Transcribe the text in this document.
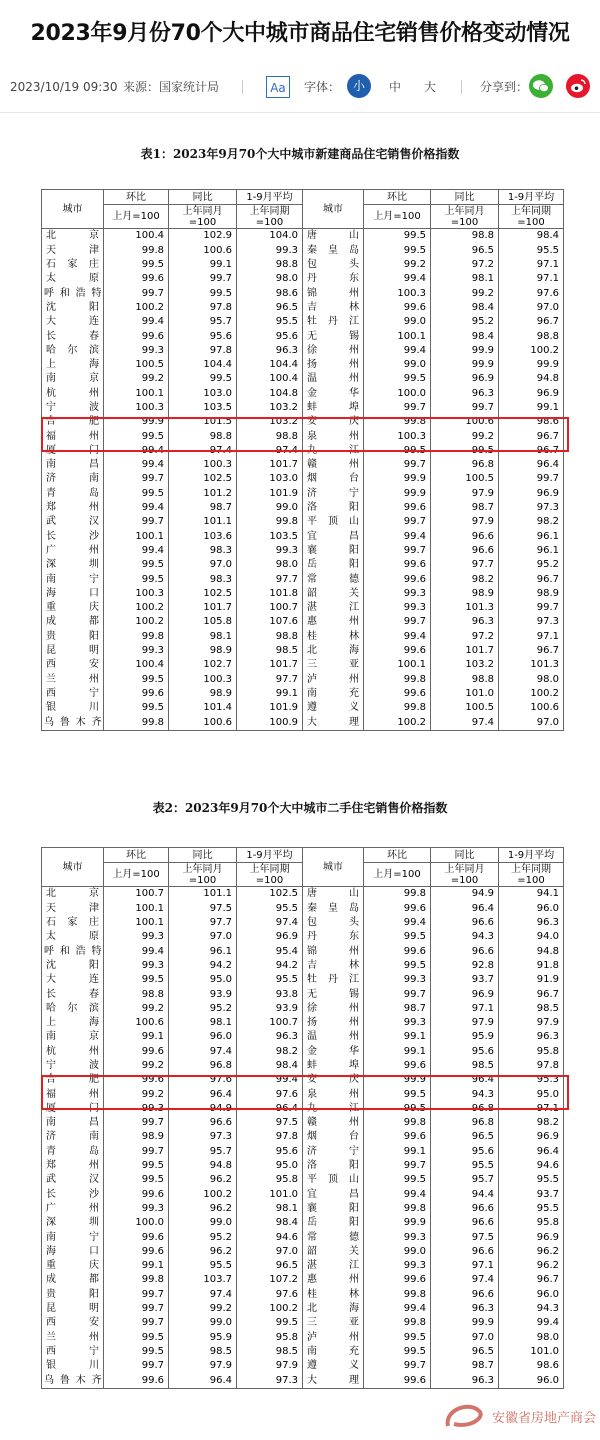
2023年9月份70个大中城市商品住宅销售价格变动情况
2023/10/19 09:30 来源：国家统计局	Aa	字体：	小	中 大	分享到：
表1：2023年9月70个大中城市新建商品住宅销售价格指数
城市	环比	同比	1-9月平均	城市	环比	同比	1-9月平均
	上月=100	上年同月=100	上年同期=100		上月=100	上年同月=100	上年同期=100
北　京	100.4	102.9	104.0	唐　山	99.5	98.8	98.4
天　津	99.8	100.6	99.3	秦皇岛	99.5	96.5	95.5
石家庄	99.5	99.1	98.8	包　头	99.2	97.2	97.1
太　原	99.6	99.7	98.0	丹　东	99.4	98.1	97.1
呼和浩特	99.7	99.5	98.6	锦　州	100.3	99.2	97.6
沈　阳	100.2	97.8	96.5	吉　林	99.6	98.4	97.0
大　连	99.4	95.7	95.5	牡丹江	99.0	95.2	96.7
长　春	99.6	95.6	95.6	无　锡	100.1	98.4	98.8
哈尔滨	99.3	97.8	96.3	徐　州	99.4	99.9	100.2
上　海	100.5	104.4	104.4	扬　州	99.0	99.9	99.9
南　京	99.2	99.5	100.4	温　州	99.5	96.9	94.8
杭　州	100.1	103.0	104.8	金　华	100.0	96.3	96.9
宁　波	100.3	103.5	103.2	蚌　埠	99.7	99.7	99.1
合　肥	99.9	101.5	103.2	安　庆	99.8	100.6	98.6
福　州	99.5	98.8	98.8	泉　州	100.3	99.2	96.7
厦　门	99.4	97.4	97.4	九　江	99.5	99.5	96.7
南　昌	99.4	100.3	101.7	赣　州	99.7	96.8	96.4
济　南	99.7	102.5	103.0	烟　台	99.9	100.5	99.7
青　岛	99.5	101.2	101.9	济　宁	99.9	97.9	96.9
郑　州	99.4	98.7	99.0	洛　阳	99.6	98.7	97.3
武　汉	99.7	101.1	99.8	平顶山	99.7	97.9	98.2
长　沙	100.1	103.6	103.5	宜　昌	99.4	96.6	96.1
广　州	99.4	98.3	99.3	襄　阳	99.7	96.6	96.1
深　圳	99.5	97.0	98.0	岳　阳	99.6	97.7	95.2
南　宁	99.5	98.3	97.7	常　德	99.6	98.2	96.7
海　口	100.3	102.5	101.8	韶　关	99.3	98.9	98.9
重　庆	100.2	101.7	100.7	湛　江	99.3	101.3	99.7
成　都	100.2	105.8	107.6	惠　州	99.7	96.3	97.3
贵　阳	99.8	98.1	98.8	桂　林	99.4	97.2	97.1
昆　明	99.3	98.9	98.5	北　海	99.6	101.7	96.7
西　安	100.4	102.7	101.7	三　亚	100.1	103.2	101.3
兰　州	99.5	100.3	97.7	泸　州	99.8	98.8	98.0
西　宁	99.6	98.9	99.1	南　充	99.6	101.0	100.2
银　川	99.5	101.4	101.9	遵　义	99.8	100.5	100.6
乌鲁木齐	99.8	100.6	100.9	大　理	100.2	97.4	97.0
表2：2023年9月70个大中城市二手住宅销售价格指数
城市	环比	同比	1-9月平均	城市	环比	同比	1-9月平均
	上月=100	上年同月=100	上年同期=100		上月=100	上年同月=100	上年同期=100
北　京	100.7	101.1	102.5	唐　山	99.8	94.9	94.1
天　津	100.1	97.5	95.5	秦皇岛	99.6	96.4	96.0
石家庄	100.1	97.7	97.4	包　头	99.4	96.6	96.3
太　原	99.3	97.0	96.9	丹　东	99.5	94.3	94.0
呼和浩特	99.4	96.1	95.4	锦　州	99.6	96.6	94.8
沈　阳	99.3	94.2	94.2	吉　林	99.5	92.8	91.8
大　连	99.5	95.0	95.5	牡丹江	99.3	93.7	91.9
长　春	98.8	93.9	93.8	无　锡	99.7	96.9	96.7
哈尔滨	99.2	95.2	93.9	徐　州	98.7	97.1	98.5
上　海	100.6	98.1	100.7	扬　州	99.3	97.9	97.9
南　京	99.1	96.0	96.3	温　州	99.1	95.9	96.3
杭　州	99.6	97.4	98.2	金　华	99.1	95.6	95.8
宁　波	99.2	96.8	98.4	蚌　埠	99.6	98.5	97.8
合　肥	99.6	97.6	99.4	安　庆	99.9	96.4	95.3
福　州	99.2	96.4	97.6	泉　州	99.5	94.3	95.0
厦　门	99.3	94.9	96.4	九　江	99.5	96.8	97.1
南　昌	99.7	96.6	97.5	赣　州	99.8	96.8	98.2
济　南	98.9	97.3	97.8	烟　台	99.6	96.5	96.9
青　岛	99.7	95.7	95.6	济　宁	99.1	95.6	96.4
郑　州	99.5	94.8	95.0	洛　阳	99.7	95.5	94.6
武　汉	99.5	96.2	95.8	平顶山	99.5	95.7	95.5
长　沙	99.6	100.2	101.0	宜　昌	99.4	94.4	93.7
广　州	99.3	96.2	98.1	襄　阳	99.8	96.6	95.5
深　圳	100.0	99.0	98.4	岳　阳	99.9	96.6	95.8
南　宁	99.6	95.2	94.6	常　德	99.3	97.5	96.9
海　口	99.6	96.2	97.0	韶　关	99.0	96.6	96.2
重　庆	99.1	95.5	96.5	湛　江	99.3	97.1	96.2
成　都	99.8	103.7	107.2	惠　州	99.6	97.4	96.7
贵　阳	99.7	97.4	97.6	桂　林	99.8	96.6	96.0
昆　明	99.7	99.2	100.2	北　海	99.4	96.3	94.3
西　安	99.7	99.0	99.5	三　亚	99.8	99.9	99.4
兰　州	99.5	95.9	95.8	泸　州	99.5	97.0	98.0
西　宁	99.5	98.5	98.5	南　充	99.5	96.5	101.0
银　川	99.7	97.9	97.9	遵　义	99.7	98.7	98.6
乌鲁木齐	99.6	96.4	97.3	大　理	99.6	96.3	96.0
安徽省房地产商会
